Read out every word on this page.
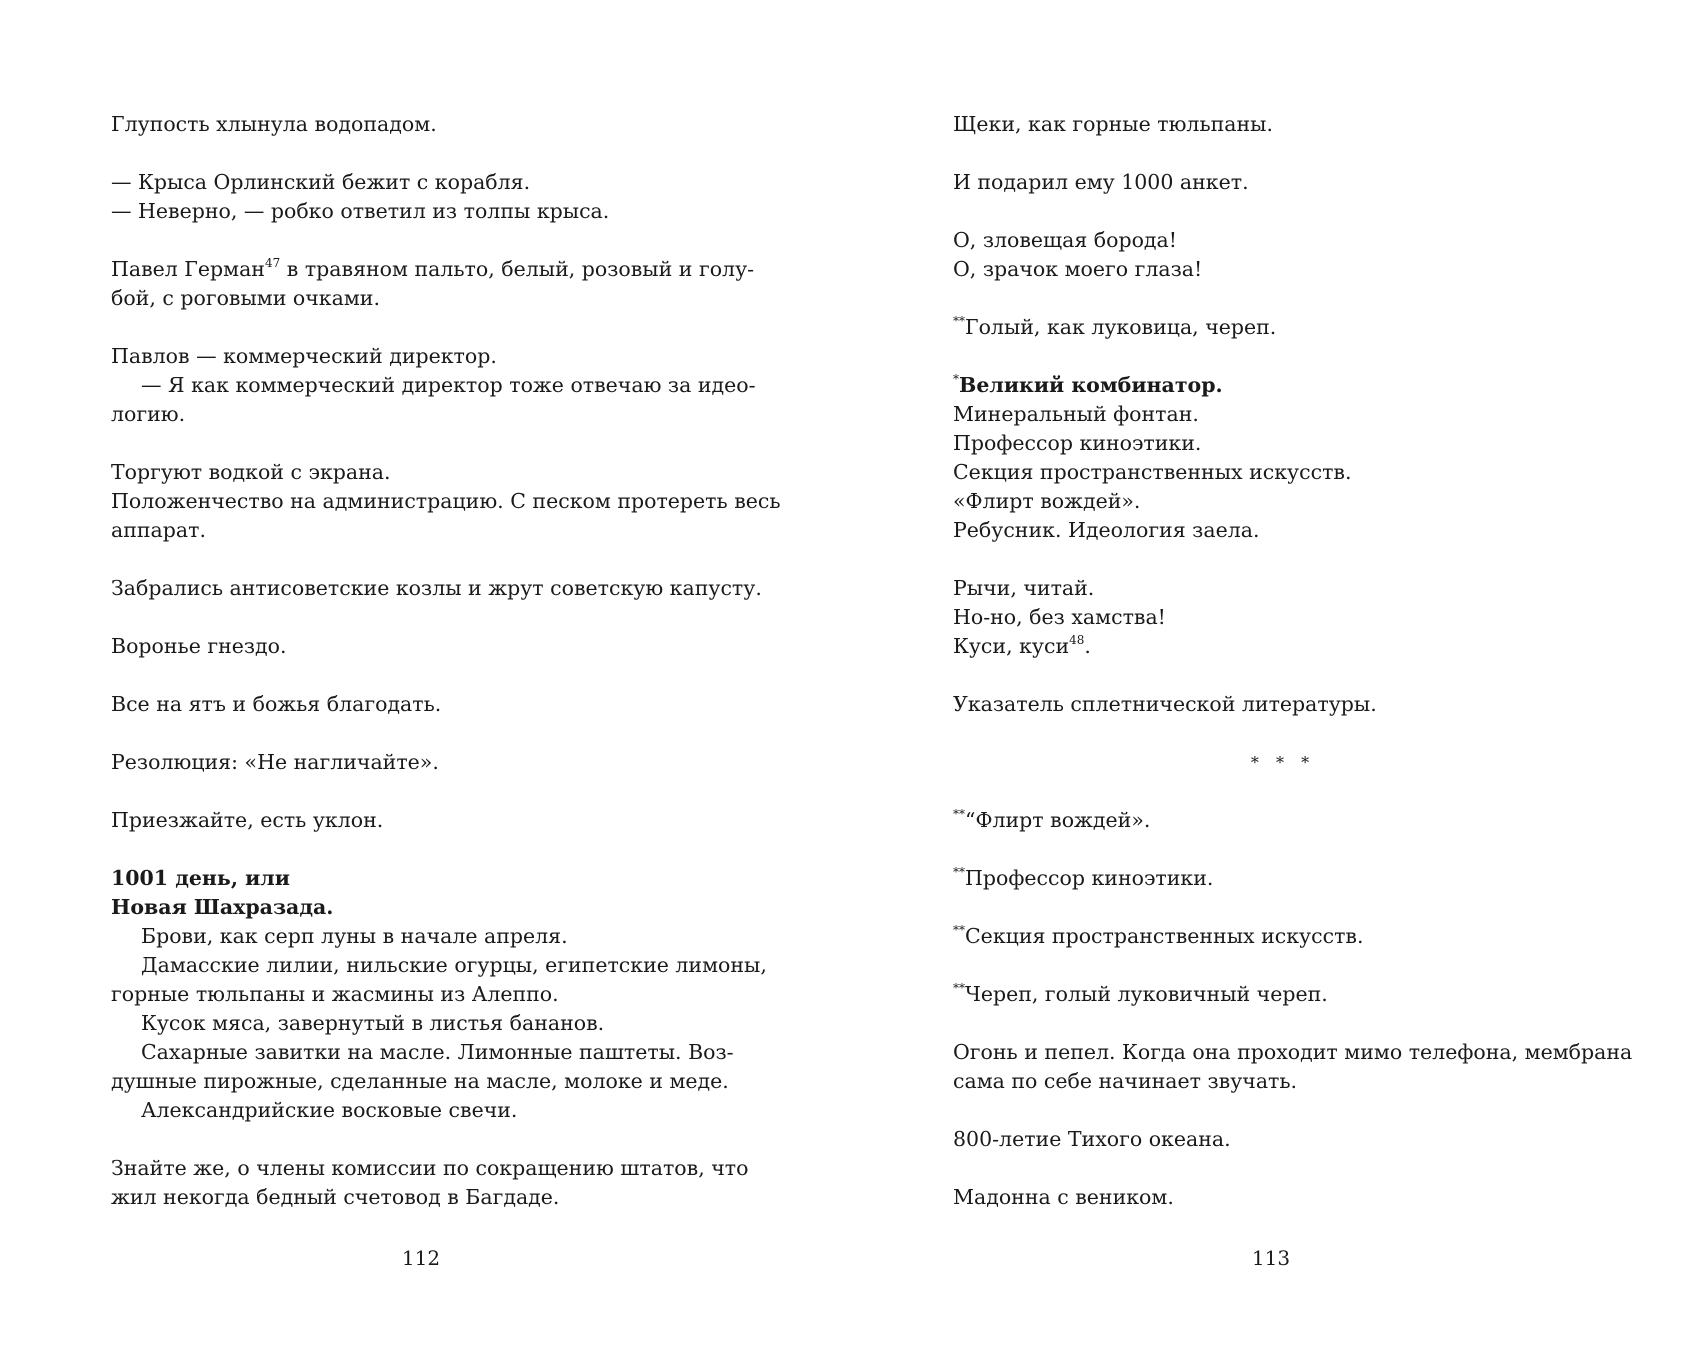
Глупость хлынула водопадом.
— Крыса Орлинский бежит с корабля.
— Неверно, — робко ответил из толпы крыса.
Павел Герман$^{47}$ в травяном пальто, белый, розовый и голу-
бой, с роговыми очками.
Павлов — коммерческий директор.
— Я как коммерческий директор тоже отвечаю за идео-
логию.
Торгуют водкой с экрана.
Положенчество на администрацию. С песком протереть весь
аппарат.
Забрались антисоветские козлы и жрут советскую капусту.
Воронье гнездо.
Все на ятъ и божья благодать.
Резолюция: «Не нагличайте».
Приезжайте, есть уклон.
1001 день, или
Новая Шахразада.
Брови, как серп луны в начале апреля.
Дамасские лилии, нильские огурцы, египетские лимоны,
горные тюльпаны и жасмины из Алеппо.
Кусок мяса, завернутый в листья бананов.
Сахарные завитки на масле. Лимонные паштеты. Воз-
душные пирожные, сделанные на масле, молоке и меде.
Александрийские восковые свечи.
Знайте же, о члены комиссии по сокращению штатов, что
жил некогда бедный счетовод в Багдаде.
112
Щеки, как горные тюльпаны.
И подарил ему 1000 анкет.
О, зловещая борода!
О, зрачок моего глаза!
**Голый, как луковица, череп.
*Великий комбинатор.
Минеральный фонтан.
Профессор киноэтики.
Секция пространственных искусств.
«Флирт вождей».
Ребусник. Идеология заела.
Рычи, читай.
Но-но, без хамства!
Куси, куси$^{48}$.
Указатель сплетнической литературы.
* * *
**“Флирт вождей».
**Профессор киноэтики.
**Секция пространственных искусств.
**Череп, голый луковичный череп.
Огонь и пепел. Когда она проходит мимо телефона, мембрана
сама по себе начинает звучать.
800-летие Тихого океана.
Мадонна с веником.
113
